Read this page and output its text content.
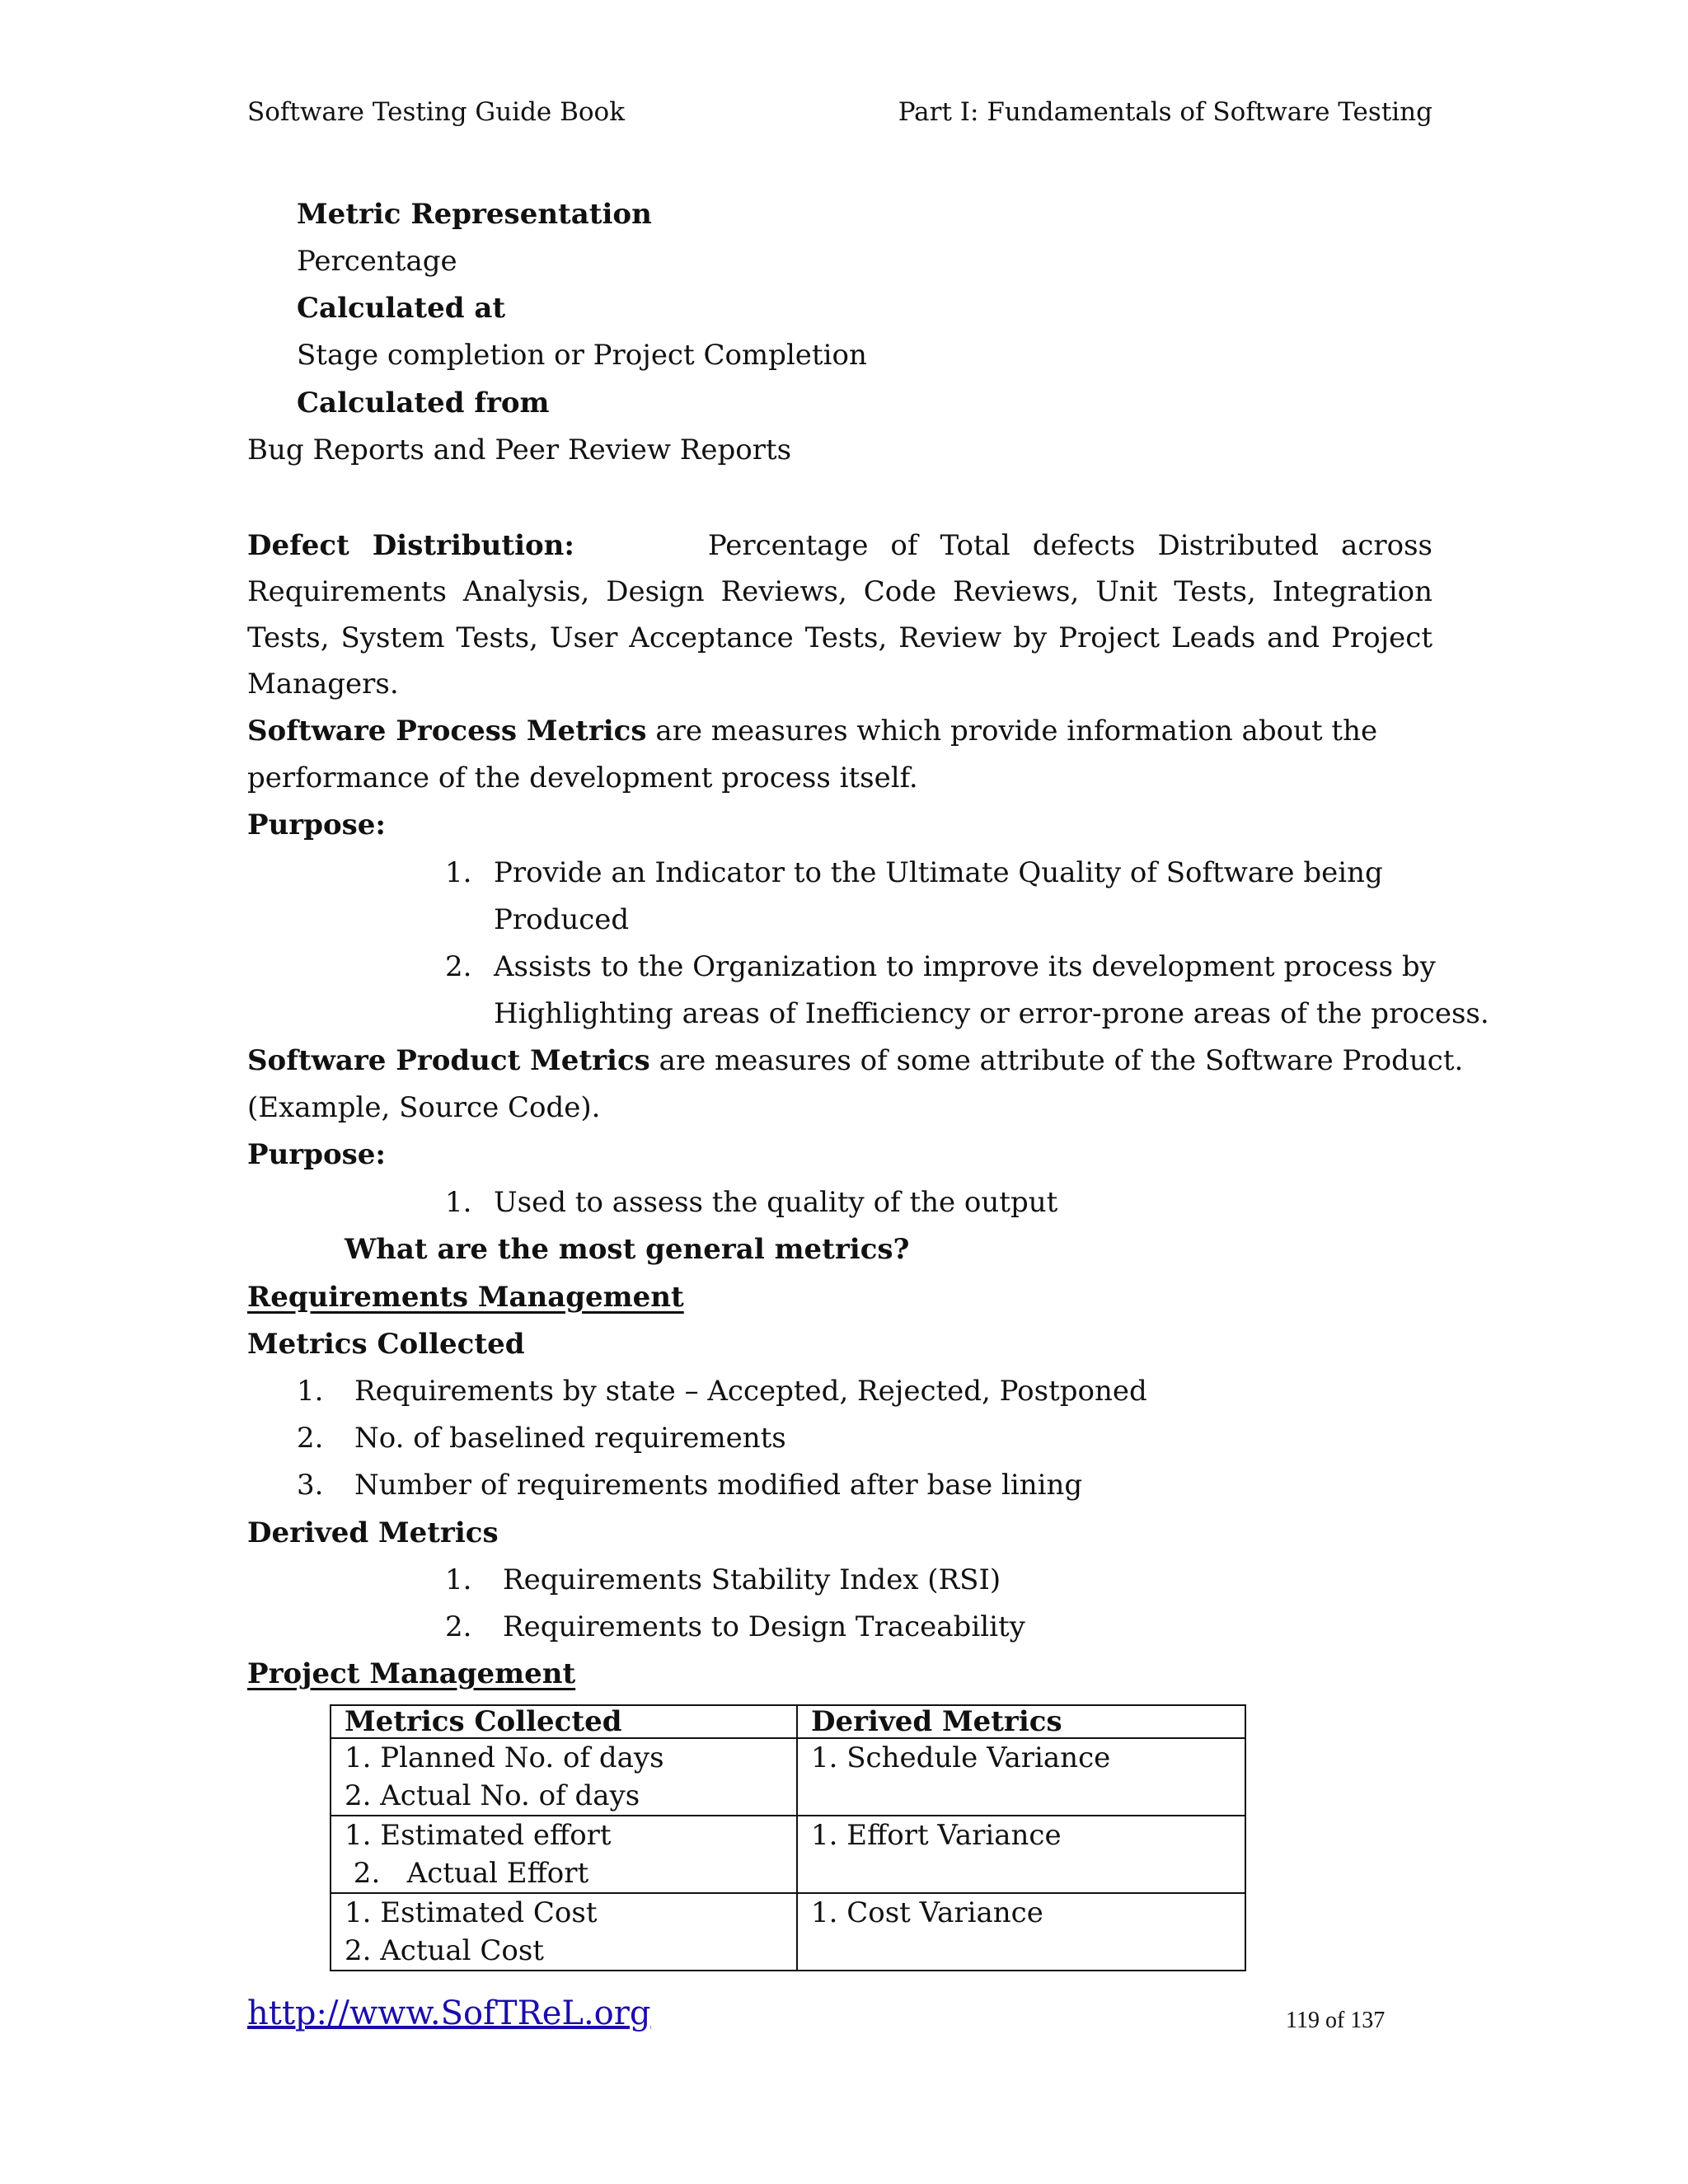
Software Testing Guide Book	Part I: Fundamentals of Software Testing
Metric Representation
Percentage
Calculated at
Stage completion or Project Completion
Calculated from
Bug Reports and Peer Review Reports
Defect Distribution:	Percentage of Total defects Distributed across Requirements Analysis, Design Reviews, Code Reviews, Unit Tests, Integration Tests, System Tests, User Acceptance Tests, Review by Project Leads and Project Managers.
Software Process Metrics are measures which provide information about the
performance of the development process itself.
Purpose:
1. Provide an Indicator to the Ultimate Quality of Software being
Produced
2. Assists to the Organization to improve its development process by
Highlighting areas of Inefficiency or error-prone areas of the process.
Software Product Metrics are measures of some attribute of the Software Product.
(Example, Source Code).
Purpose:
1. Used to assess the quality of the output
What are the most general metrics?
Requirements Management
Metrics Collected
1. Requirements by state – Accepted, Rejected, Postponed
2. No. of baselined requirements
3. Number of requirements modified after base lining
Derived Metrics
1. Requirements Stability Index (RSI)
2. Requirements to Design Traceability
Project Management
Metrics Collected	Derived Metrics

1. Planned No. of days
2. Actual No. of days	1. Schedule Variance

1. Estimated effort
2.   Actual Effort	1. Effort Variance

1. Estimated Cost
2. Actual Cost	1. Cost Variance
http://www.SofTReL.org	119 of 137
